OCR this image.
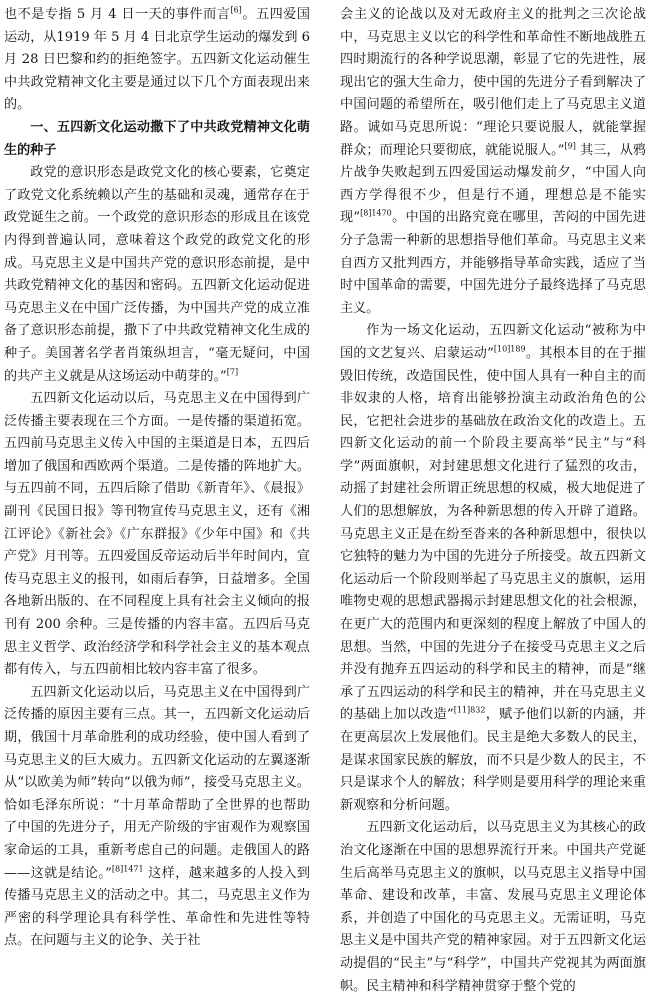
也不是专指 5 月 4 日一天的事件而言[6]。五四爱国运动，从1919 年 5 月 4 日北京学生运动的爆发到 6 月 28 日巴黎和约的拒绝签字。五四新文化运动催生中共政党精神文化主要是通过以下几个方面表现出来的。

一、五四新文化运动撒下了中共政党精神文化萌生的种子

政党的意识形态是政党文化的核心要素，它奠定了政党文化系统赖以产生的基础和灵魂，通常存在于政党诞生之前。一个政党的意识形态的形成且在该党内得到普遍认同，意味着这个政党的政党文化的形成。马克思主义是中国共产党的意识形态前提，是中共政党精神文化的基因和密码。五四新文化运动促进马克思主义在中国广泛传播，为中国共产党的成立准备了意识形态前提，撒下了中共政党精神文化生成的种子。美国著名学者肖策纵坦言，“毫无疑问，中国的共产主义就是从这场运动中萌芽的。”[7]

五四新文化运动以后，马克思主义在中国得到广泛传播主要表现在三个方面。一是传播的渠道拓宽。五四前马克思主义传入中国的主渠道是日本，五四后增加了俄国和西欧两个渠道。二是传播的阵地扩大。与五四前不同，五四后除了借助《新青年》、《晨报》副刊《民国日报》等刊物宣传马克思主义，还有《湘江评论》《新社会》《广东群报》《少年中国》和《共产党》月刊等。五四爱国反帝运动后半年时间内，宣传马克思主义的报刊，如雨后春笋，日益增多。全国各地新出版的、在不同程度上具有社会主义倾向的报刊有 200 余种。三是传播的内容丰富。五四后马克思主义哲学、政治经济学和科学社会主义的基本观点都有传入，与五四前相比较内容丰富了很多。

五四新文化运动以后，马克思主义在中国得到广泛传播的原因主要有三点。其一，五四新文化运动后期，俄国十月革命胜利的成功经验，使中国人看到了马克思主义的巨大威力。五四新文化运动的左翼逐渐从“以欧美为师”转向“以俄为师”，接受马克思主义。恰如毛泽东所说：“十月革命帮助了全世界的也帮助了中国的先进分子，用无产阶级的宇宙观作为观察国家命运的工具，重新考虑自己的问题。走俄国人的路——这就是结论。”$^{[8]1471}$ 这样，越来越多的人投入到传播马克思主义的活动之中。其二，马克思主义作为严密的科学理论具有科学性、革命性和先进性等特点。在问题与主义的论争、关于社

会主义的论战以及对无政府主义的批判之三次论战中，马克思主义以它的科学性和革命性不断地战胜五四时期流行的各种学说思潮，彰显了它的先进性，展现出它的强大生命力，使中国的先进分子看到解决了中国问题的希望所在，吸引他们走上了马克思主义道路。诚如马克思所说：“理论只要说服人，就能掌握群众；而理论只要彻底，就能说服人。”[9] 其三，从鸦片战争失败起到五四爱国运动爆发前夕，“中国人向西方学得很不少，但是行不通，理想总是不能实现”$^{[8]1470}$。中国的出路究竟在哪里，苦闷的中国先进分子急需一种新的思想指导他们革命。马克思主义来自西方又批判西方，并能够指导革命实践，适应了当时中国革命的需要，中国先进分子最终选择了马克思主义。

作为一场文化运动，五四新文化运动“被称为中国的文艺复兴、启蒙运动”$^{[10]189}$。其根本目的在于摧毁旧传统，改造国民性，使中国人具有一种自主的而非奴隶的人格，培育出能够扮演主动政治角色的公民，它把社会进步的基础放在政治文化的改造上。五四新文化运动的前一个阶段主要高举“民主”与“科学”两面旗帜，对封建思想文化进行了猛烈的攻击，动摇了封建社会所谓正统思想的权威，极大地促进了人们的思想解放，为各种新思想的传入开辟了道路。马克思主义正是在纷至沓来的各种新思想中，很快以它独特的魅力为中国的先进分子所接受。故五四新文化运动后一个阶段则举起了马克思主义的旗帜，运用唯物史观的思想武器揭示封建思想文化的社会根源，在更广大的范围内和更深刻的程度上解放了中国人的思想。当然，中国的先进分子在接受马克思主义之后并没有抛弃五四运动的科学和民主的精神，而是“继承了五四运动的科学和民主的精神，并在马克思主义的基础上加以改造”$^{[11]832}$，赋予他们以新的内涵，并在更高层次上发展他们。民主是绝大多数人的民主，是谋求国家民族的解放，而不只是少数人的民主，不只是谋求个人的解放；科学则是要用科学的理论来重新观察和分析问题。

五四新文化运动后，以马克思主义为其核心的政治文化逐渐在中国的思想界流行开来。中国共产党诞生后高举马克思主义的旗帜，以马克思主义指导中国革命、建设和改革，丰富、发展马克思主义理论体系，并创造了中国化的马克思主义。无需证明，马克思主义是中国共产党的精神家园。对于五四新文化运动提倡的“民主”与“科学”，中国共产党视其为两面旗帜。民主精神和科学精神贯穿于整个党的
